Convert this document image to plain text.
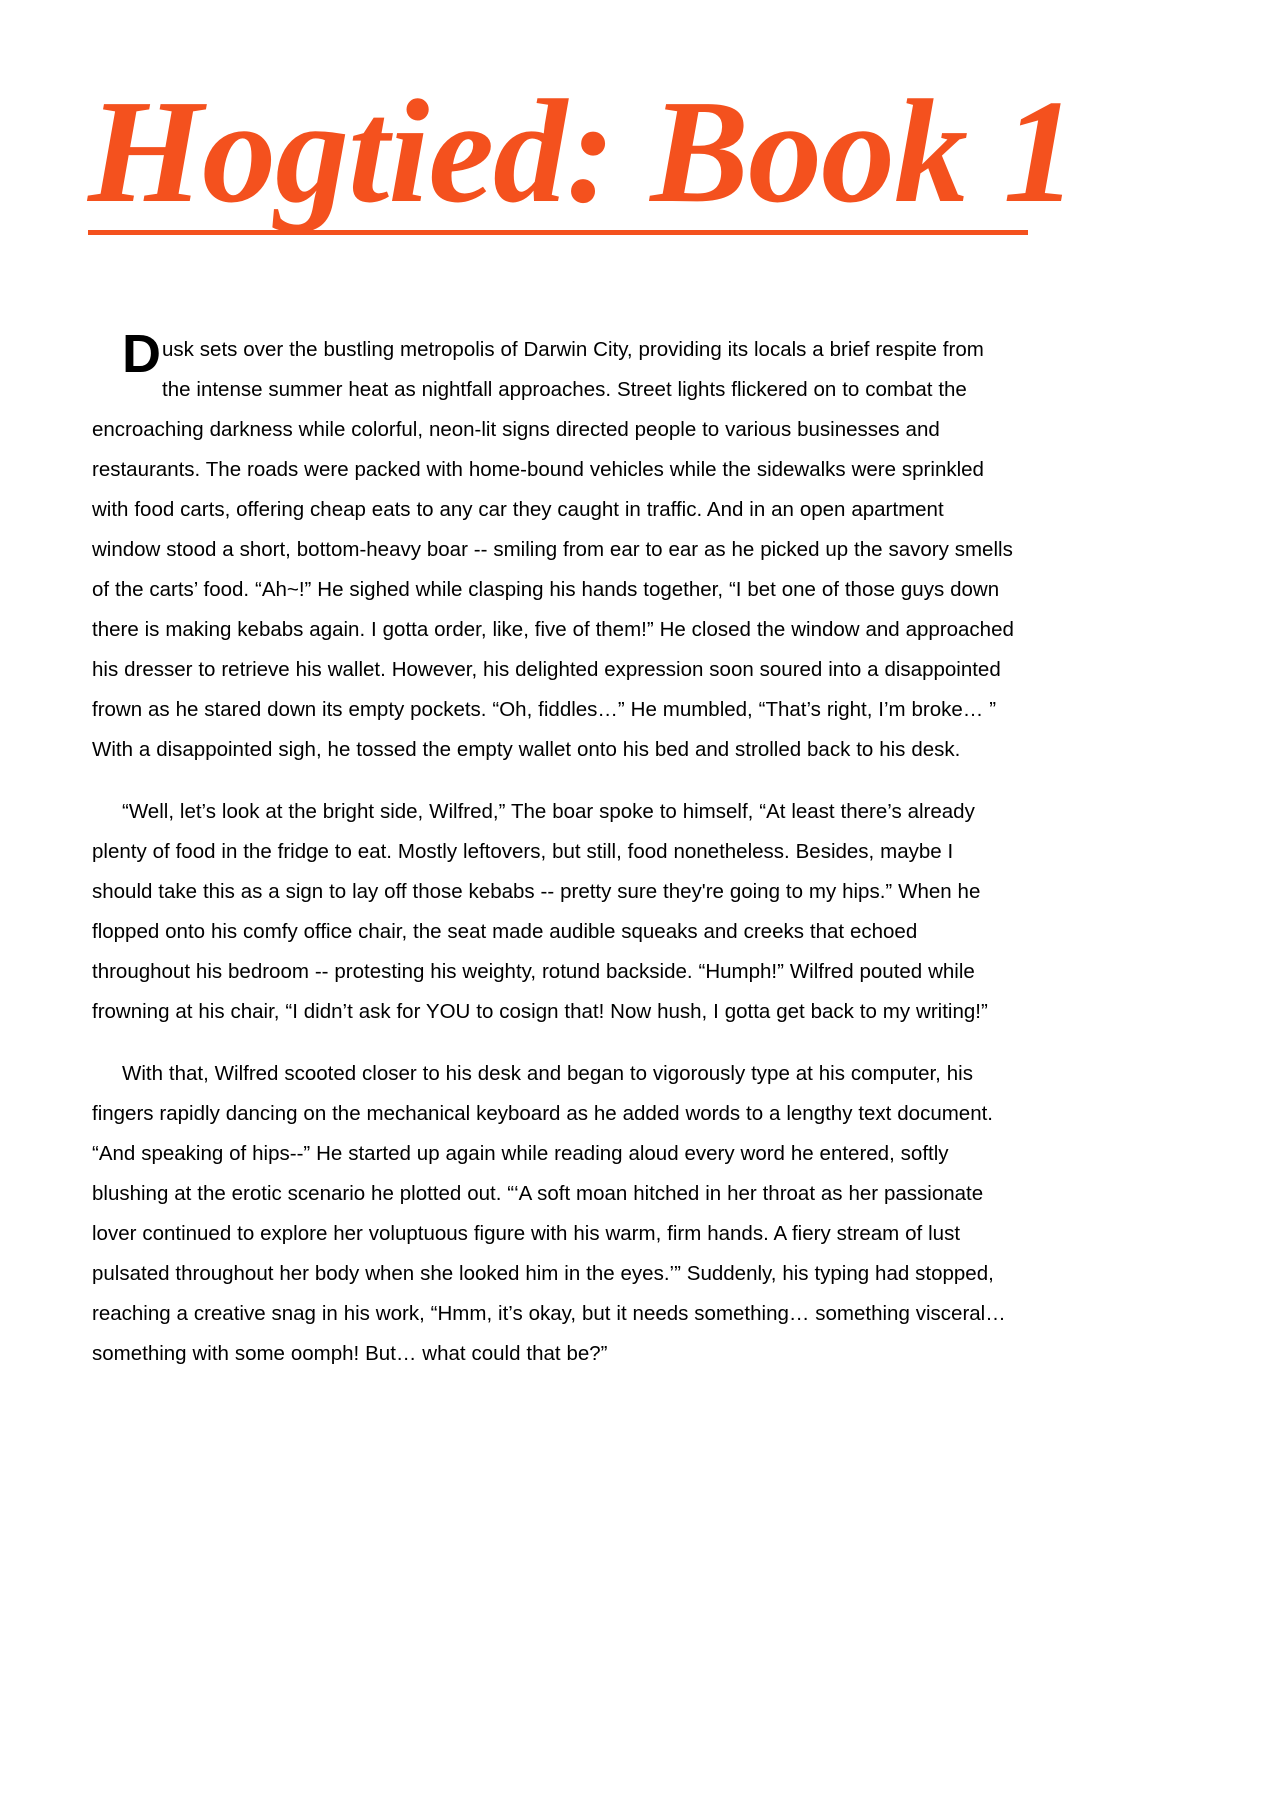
Hogtied: Book 1

Dusk sets over the bustling metropolis of Darwin City, providing its locals a brief respite from the intense summer heat as nightfall approaches. Street lights flickered on to combat the encroaching darkness while colorful, neon-lit signs directed people to various businesses and restaurants. The roads were packed with home-bound vehicles while the sidewalks were sprinkled with food carts, offering cheap eats to any car they caught in traffic. And in an open apartment window stood a short, bottom-heavy boar -- smiling from ear to ear as he picked up the savory smells of the carts’ food. “Ah~!” He sighed while clasping his hands together, “I bet one of those guys down there is making kebabs again. I gotta order, like, five of them!” He closed the window and approached his dresser to retrieve his wallet. However, his delighted expression soon soured into a disappointed frown as he stared down its empty pockets. “Oh, fiddles…” He mumbled, “That’s right, I’m broke… ” With a disappointed sigh, he tossed the empty wallet onto his bed and strolled back to his desk.

“Well, let’s look at the bright side, Wilfred,” The boar spoke to himself, “At least there’s already plenty of food in the fridge to eat. Mostly leftovers, but still, food nonetheless. Besides, maybe I should take this as a sign to lay off those kebabs -- pretty sure they're going to my hips.” When he flopped onto his comfy office chair, the seat made audible squeaks and creeks that echoed throughout his bedroom -- protesting his weighty, rotund backside. “Humph!” Wilfred pouted while frowning at his chair, “I didn’t ask for YOU to cosign that! Now hush, I gotta get back to my writing!”

With that, Wilfred scooted closer to his desk and began to vigorously type at his computer, his fingers rapidly dancing on the mechanical keyboard as he added words to a lengthy text document. “And speaking of hips--” He started up again while reading aloud every word he entered, softly blushing at the erotic scenario he plotted out. “‘A soft moan hitched in her throat as her passionate lover continued to explore her voluptuous figure with his warm, firm hands. A fiery stream of lust pulsated throughout her body when she looked him in the eyes.’” Suddenly, his typing had stopped, reaching a creative snag in his work, “Hmm, it’s okay, but it needs something… something visceral… something with some oomph! But… what could that be?”
